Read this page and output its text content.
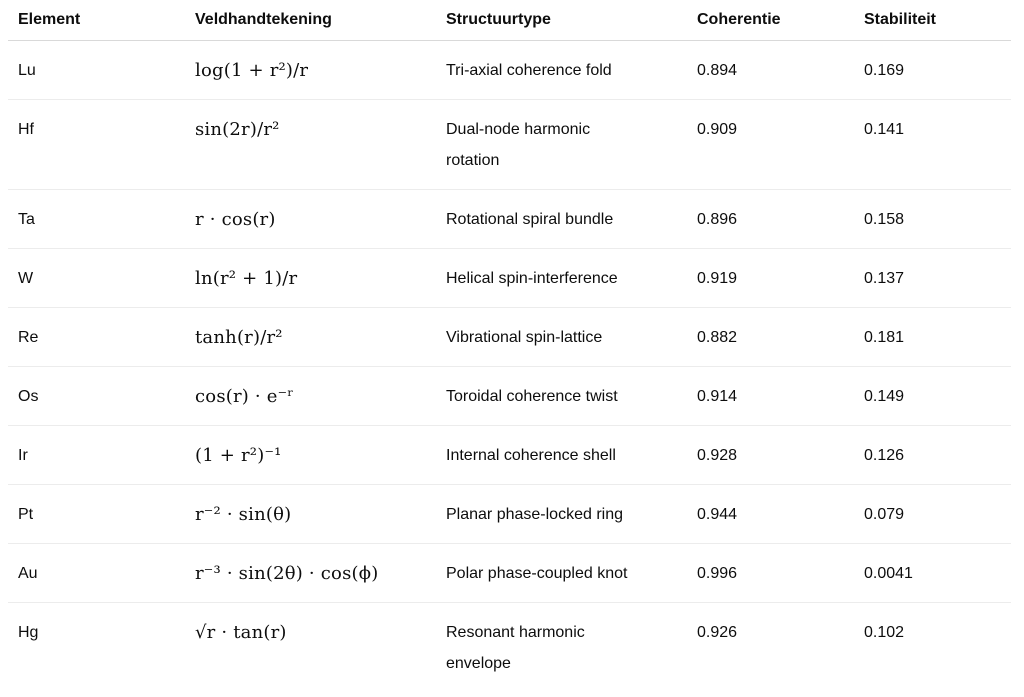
Element	Veldhandtekening	Structuurtype	Coherentie	Stabiliteit
Lu	log(1 + r²)/r	Tri-axial coherence fold	0.894	0.169
Hf	sin(2r)/r²	Dual-node harmonic rotation	0.909	0.141
Ta	r · cos(r)	Rotational spiral bundle	0.896	0.158
W	ln(r² + 1)/r	Helical spin-interference	0.919	0.137
Re	tanh(r)/r²	Vibrational spin-lattice	0.882	0.181
Os	cos(r) · e⁻ʳ	Toroidal coherence twist	0.914	0.149
Ir	(1 + r²)⁻¹	Internal coherence shell	0.928	0.126
Pt	r⁻² · sin(θ)	Planar phase-locked ring	0.944	0.079
Au	r⁻³ · sin(2θ) · cos(ϕ)	Polar phase-coupled knot	0.996	0.0041
Hg	√r · tan(r)	Resonant harmonic envelope	0.926	0.102
